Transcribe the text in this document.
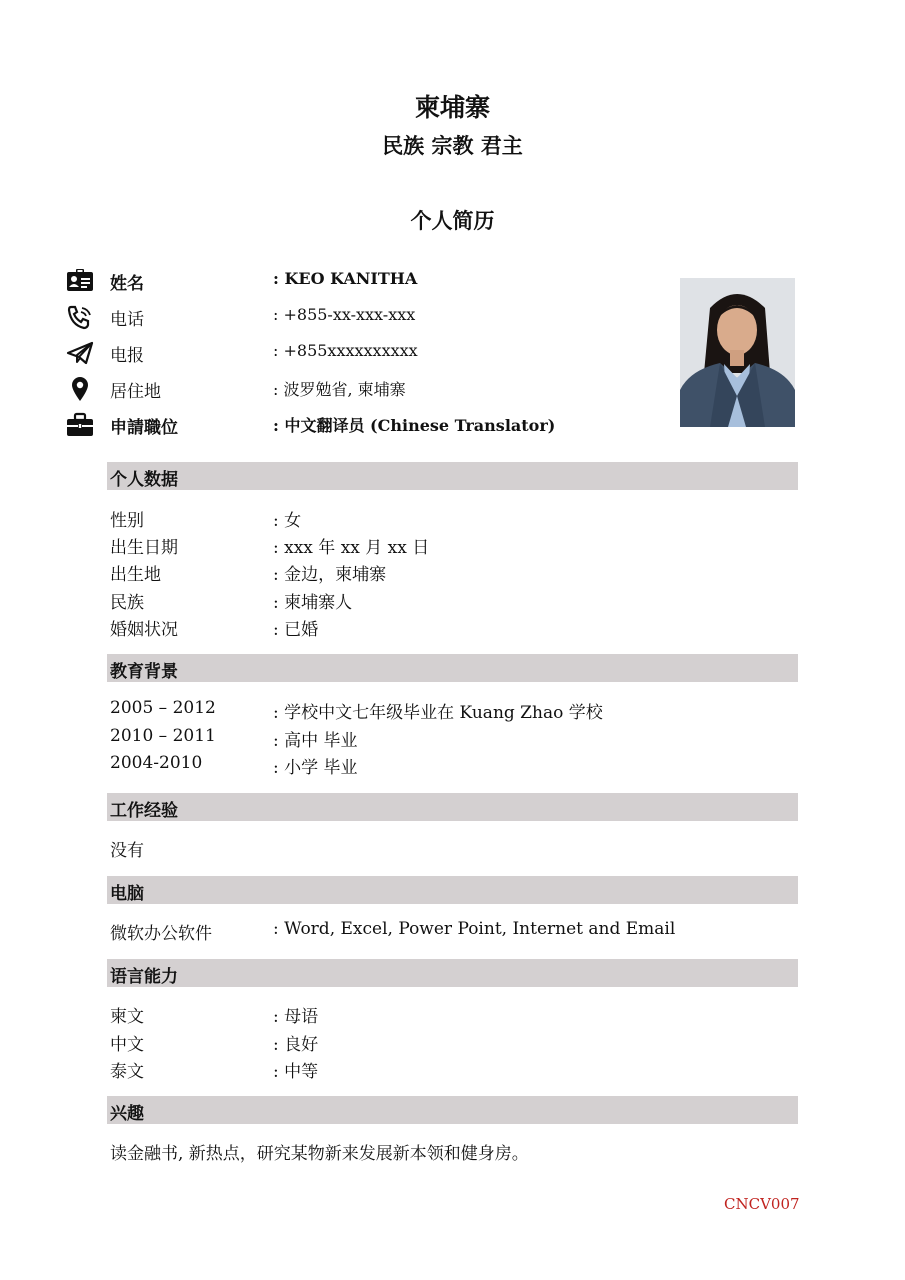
柬埔寨
民族 宗教 君主
个人简历
姓名	: KEO KANITHA
电话	: +855-xx-xxx-xxx
电报	: +855xxxxxxxxxx
居住地	: 波罗勉省, 柬埔寨
申請職位	: 中文翻译员 (Chinese Translator)
个人数据
性别	: 女
出生日期	: xxx 年 xx 月 xx 日
出生地	: 金边，柬埔寨
民族	: 柬埔寨人
婚姻状况	: 已婚
教育背景
2005 – 2012	: 学校中文七年级毕业在 Kuang Zhao 学校
2010 – 2011	: 高中 毕业
2004-2010	: 小学 毕业
工作经验
没有
电脑
微软办公软件	: Word, Excel, Power Point, Internet and Email
语言能力
柬文	: 母语
中文	: 良好
泰文	: 中等
兴趣
读金融书, 新热点，研究某物新来发展新本领和健身房。
CNCV007
